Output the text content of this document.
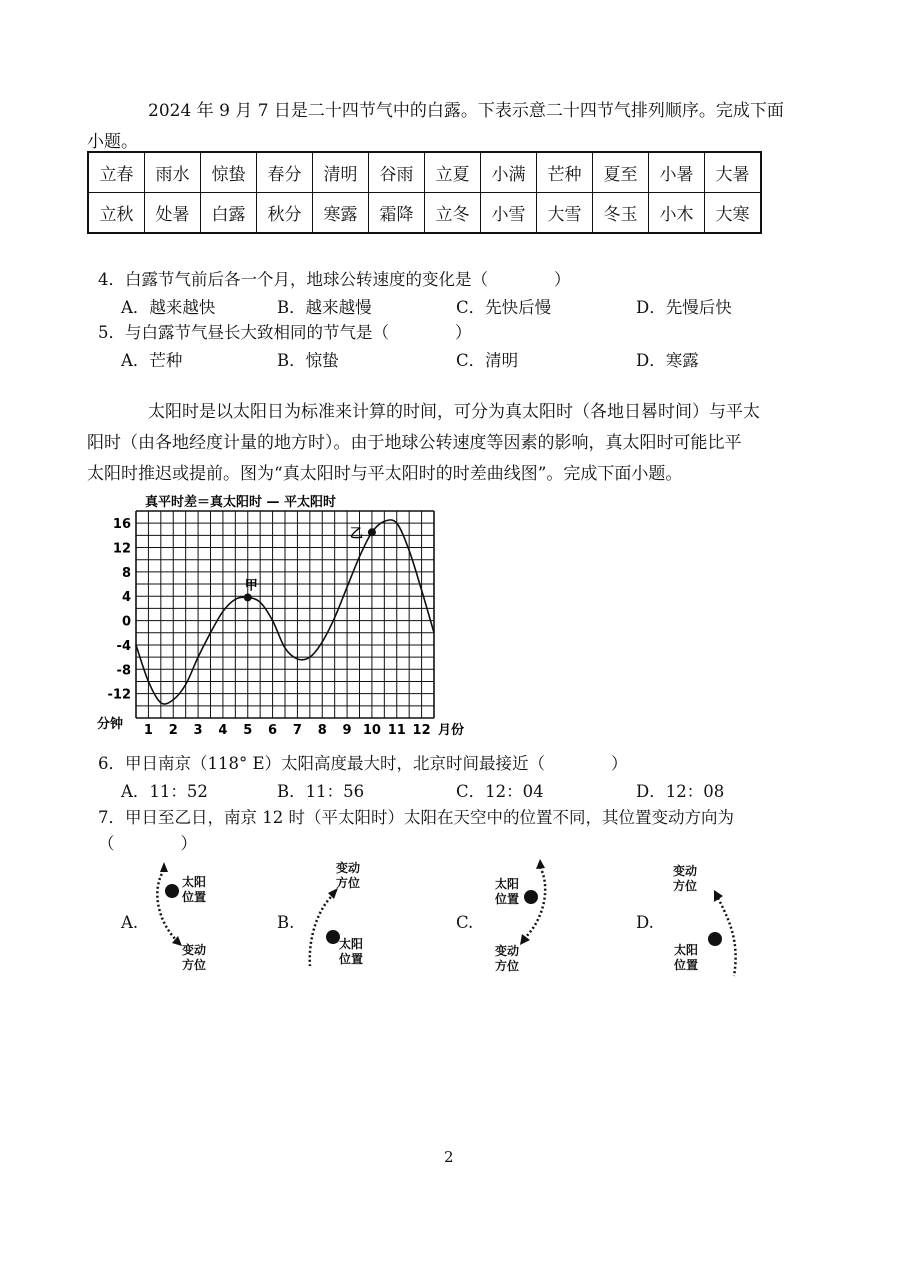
2024 年 9 月 7 日是二十四节气中的白露。下表示意二十四节气排列顺序。完成下面
小题。
立春	雨水	惊蛰	春分	清明	谷雨	立夏	小满	芒种	夏至	小暑	大暑
立秋	处暑	白露	秋分	寒露	霜降	立冬	小雪	大雪	冬玉	小木	大寒
4．白露节气前后各一个月，地球公转速度的变化是（　　　　）
A．越来越快	B．越来越慢	C．先快后慢	D．先慢后快
5．与白露节气昼长大致相同的节气是（　　　　）
A．芒种	B．惊蛰	C．清明	D．寒露
太阳时是以太阳日为标准来计算的时间，可分为真太阳时（各地日晷时间）与平太
阳时（由各地经度计量的地方时）。由于地球公转速度等因素的影响，真太阳时可能比平
太阳时推迟或提前。图为“真太阳时与平太阳时的时差曲线图”。完成下面小题。
真平时差＝真太阳时 — 平太阳时
16
12
8
4
0
-4
-8
-12
1 2 3 4 5 6 7 8 9 10 11 12
甲
乙
分钟	月份
6．甲日南京（118° E）太阳高度最大时，北京时间最接近（　　　　）
A．11：52	B．11：56	C．12：04	D．12：08
7．甲日至乙日，南京 12 时（平太阳时）太阳在天空中的位置不同，其位置变动方向为
（　　　　）
A.
太阳
位置
变动
方位
B.
变动
方位
太阳
位置
C.
太阳
位置
变动
方位
D.
变动
方位
太阳
位置
2
